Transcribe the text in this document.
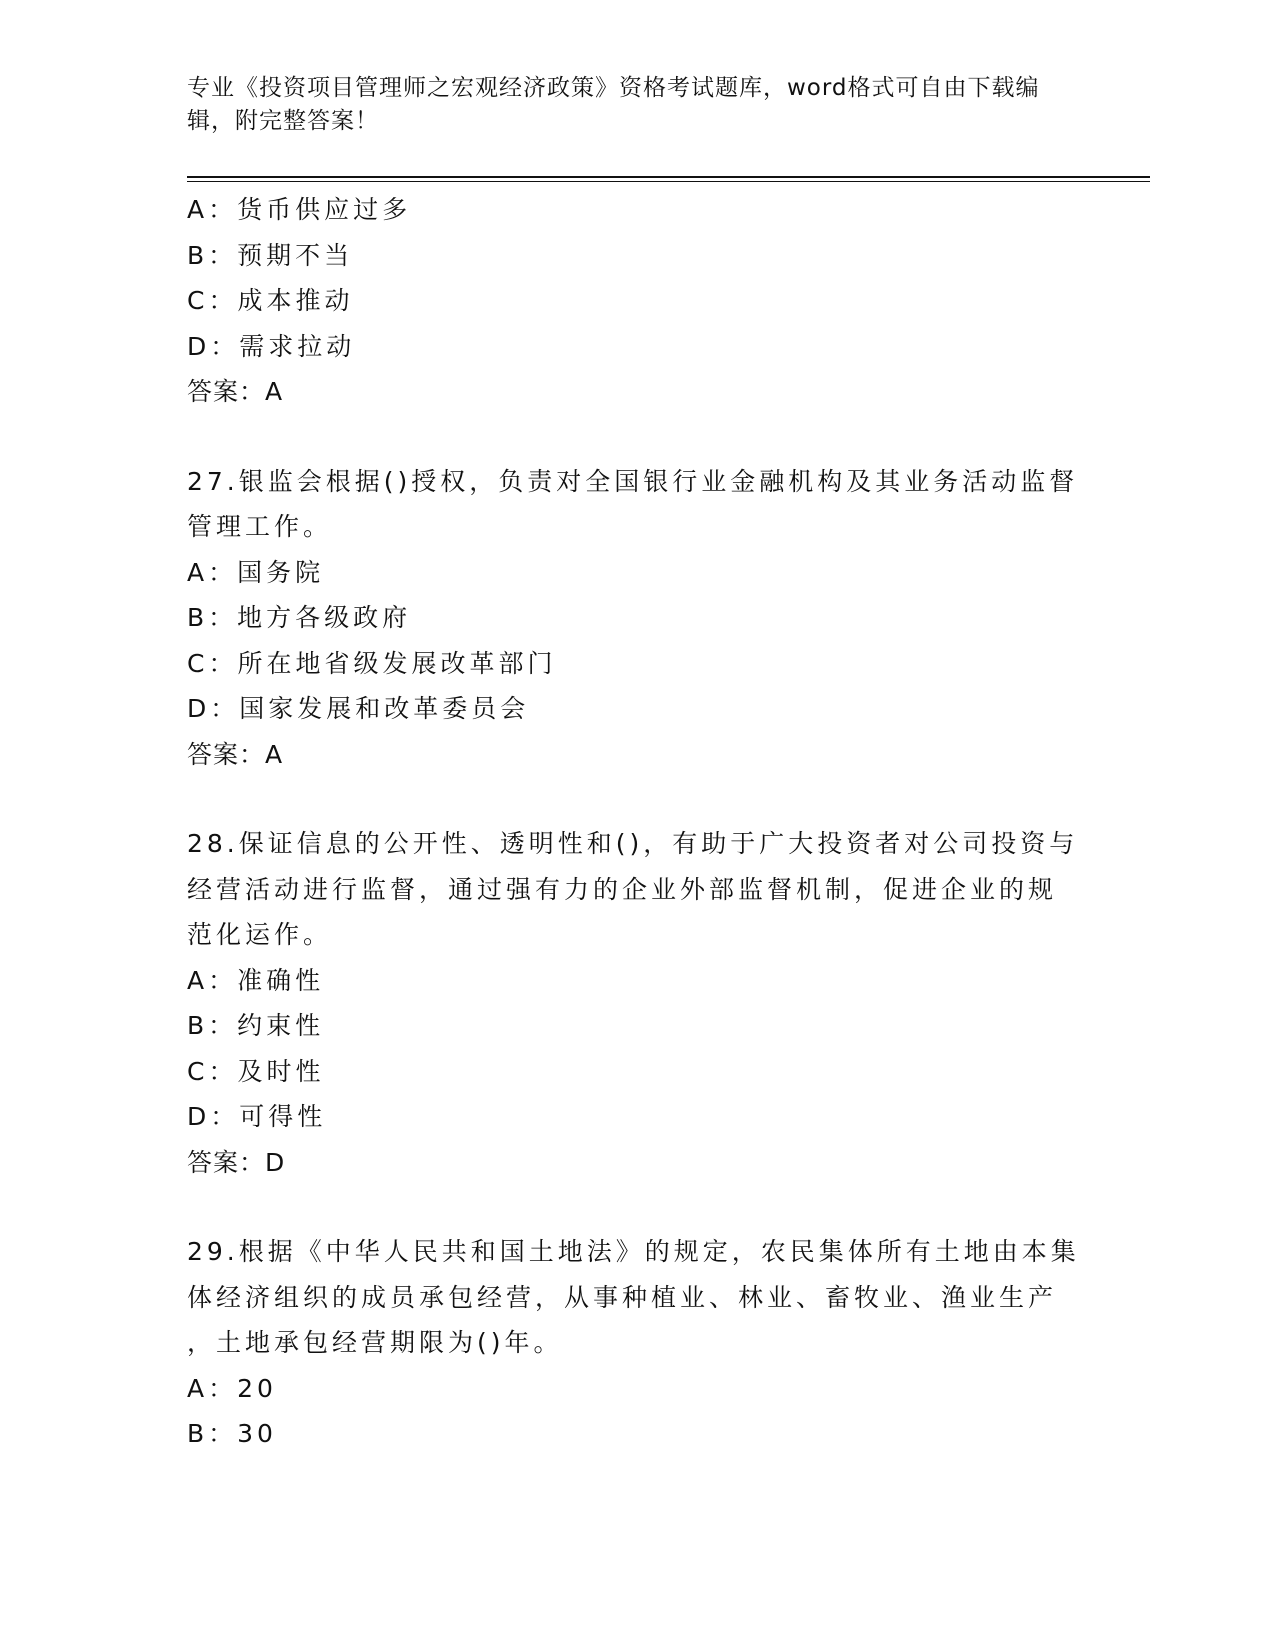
专业《投资项目管理师之宏观经济政策》资格考试题库，word格式可自由下载编
辑，附完整答案！
A：货币供应过多
B：预期不当
C：成本推动
D：需求拉动
答案：A
27.银监会根据()授权，负责对全国银行业金融机构及其业务活动监督
管理工作。
A：国务院
B：地方各级政府
C：所在地省级发展改革部门
D：国家发展和改革委员会
答案：A
28.保证信息的公开性、透明性和()，有助于广大投资者对公司投资与
经营活动进行监督，通过强有力的企业外部监督机制，促进企业的规
范化运作。
A：准确性
B：约束性
C：及时性
D：可得性
答案：D
29.根据《中华人民共和国土地法》的规定，农民集体所有土地由本集
体经济组织的成员承包经营，从事种植业、林业、畜牧业、渔业生产
，土地承包经营期限为()年。
A：20
B：30
